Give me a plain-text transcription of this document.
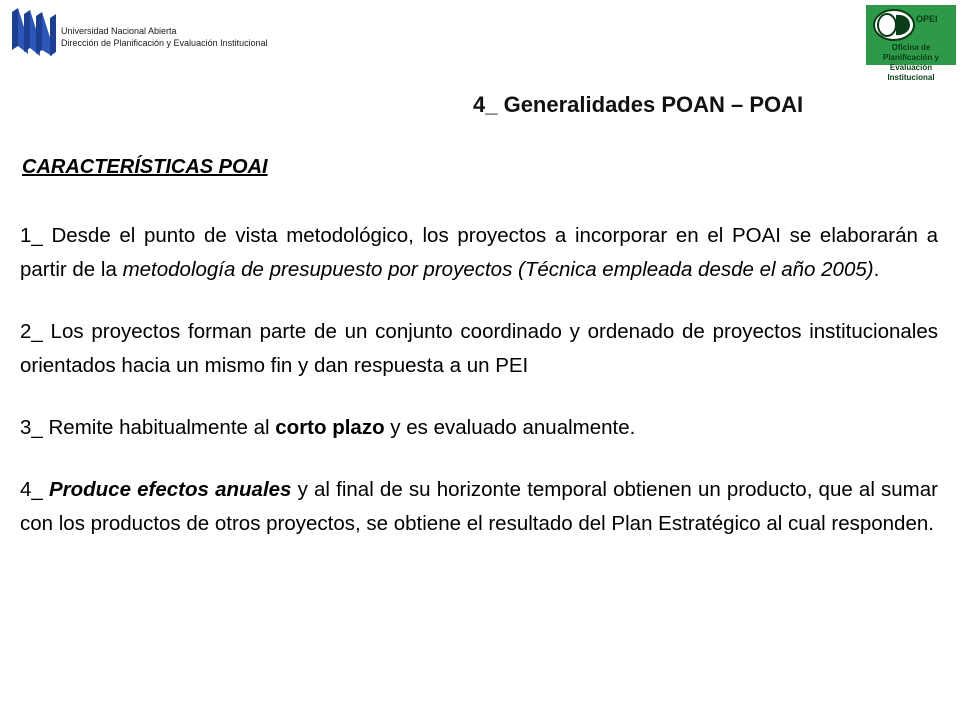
Universidad Nacional Abierta
Dirección de Planificación y Evaluación Institucional
OPEI
Oficina de Planificación y
Evaluación Institucional
4_ Generalidades POAN – POAI
CARACTERÍSTICAS POAI

1_ Desde el punto de vista metodológico, los proyectos a incorporar en el POAI se elaborarán a partir de la metodología de presupuesto por proyectos (Técnica empleada desde el año 2005).

2_ Los proyectos forman parte de un conjunto coordinado y ordenado de proyectos institucionales orientados hacia un mismo fin y dan respuesta a un PEI

3_ Remite habitualmente al corto plazo y es evaluado anualmente.

4_ Produce efectos anuales y al final de su horizonte temporal obtienen un producto, que al sumar con los productos de otros proyectos, se obtiene el resultado del Plan Estratégico al cual responden.
